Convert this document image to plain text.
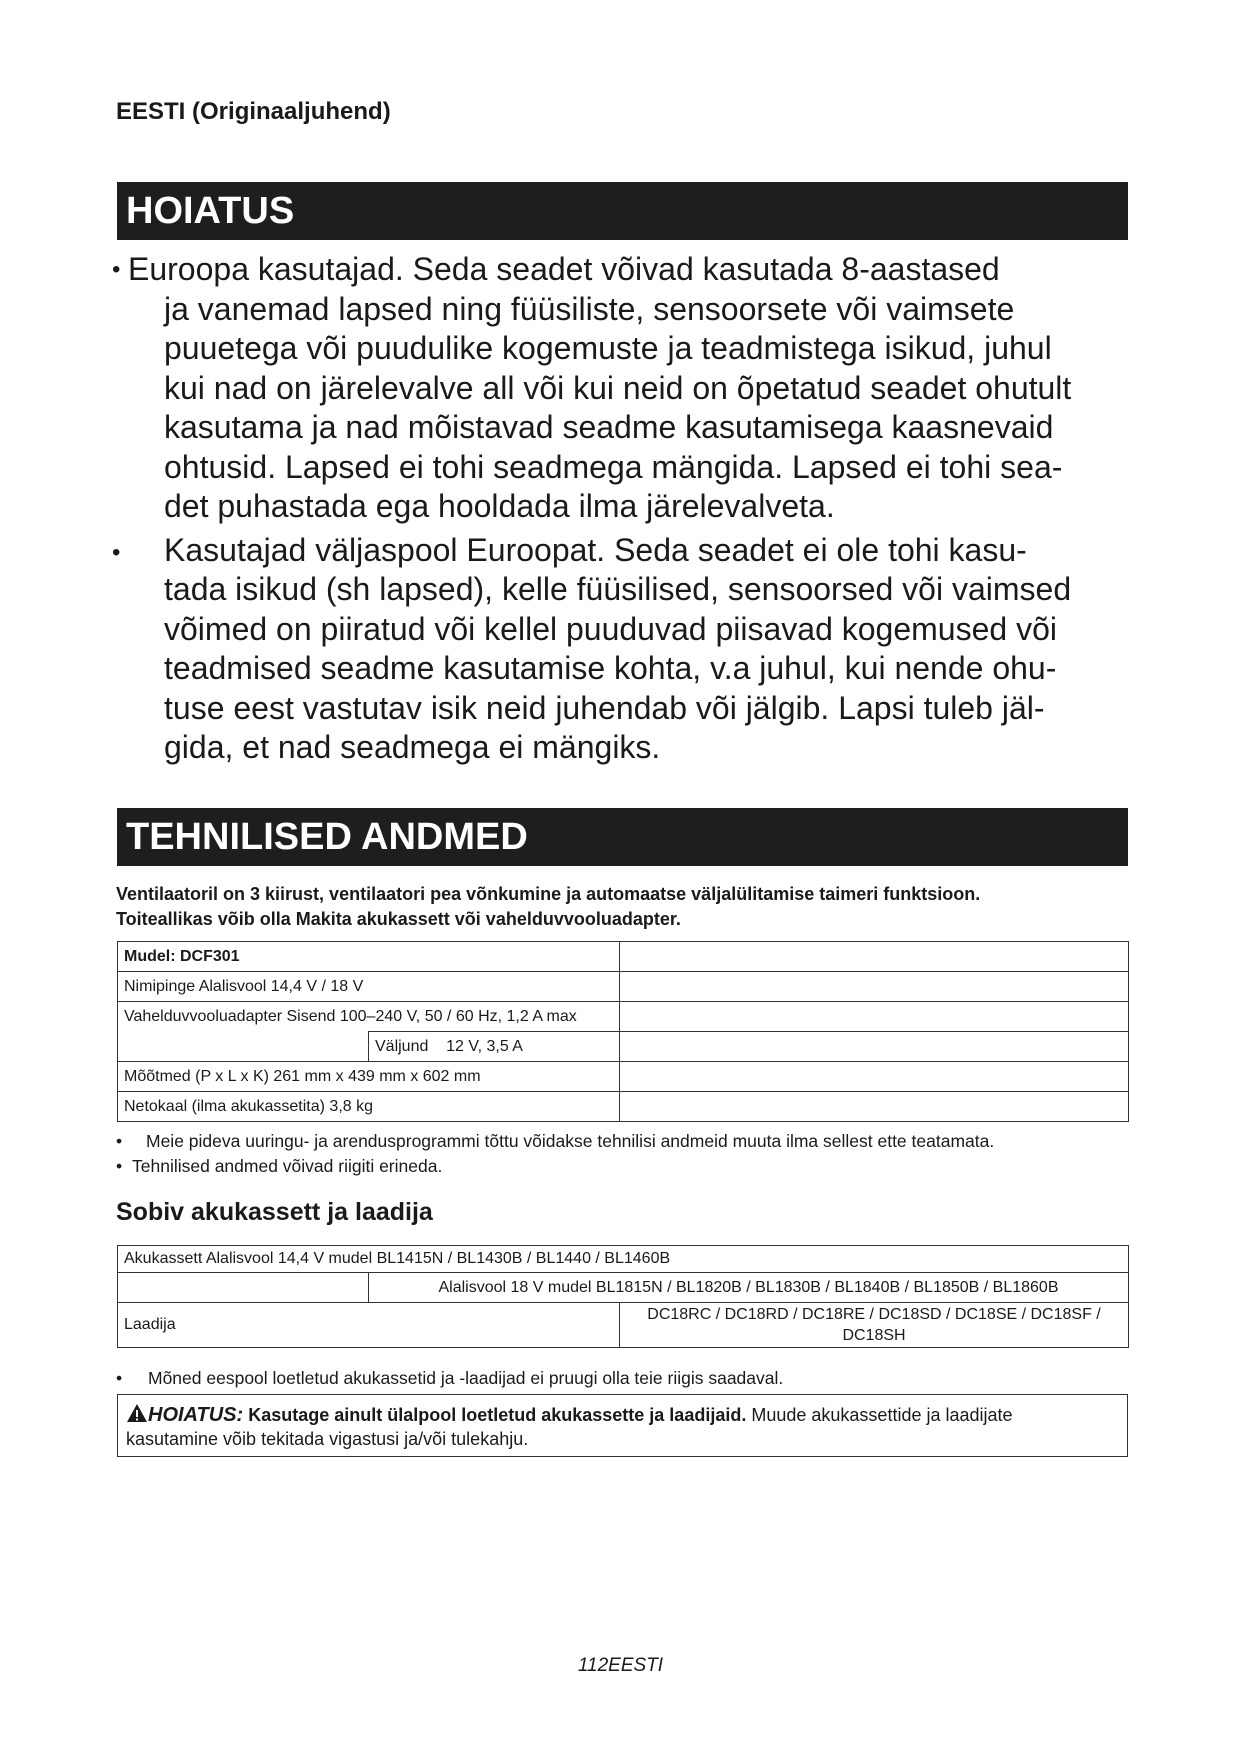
EESTI (Originaaljuhend)
HOIATUS
• Euroopa kasutajad. Seda seadet võivad kasutada 8-aastased
ja vanemad lapsed ning füüsiliste, sensoorsete või vaimsete
puuetega või puudulike kogemuste ja teadmistega isikud, juhul
kui nad on järelevalve all või kui neid on õpetatud seadet ohutult
kasutama ja nad mõistavad seadme kasutamisega kaasnevaid
ohtusid. Lapsed ei tohi seadmega mängida. Lapsed ei tohi sea-
det puhastada ega hooldada ilma järelevalveta.
• Kasutajad väljaspool Euroopat. Seda seadet ei ole tohi kasu-
tada isikud (sh lapsed), kelle füüsilised, sensoorsed või vaimsed
võimed on piiratud või kellel puuduvad piisavad kogemused või
teadmised seadme kasutamise kohta, v.a juhul, kui nende ohu-
tuse eest vastutav isik neid juhendab või jälgib. Lapsi tuleb jäl-
gida, et nad seadmega ei mängiks.
TEHNILISED ANDMED
Ventilaatoril on 3 kiirust, ventilaatori pea võnkumine ja automaatse väljalülitamise taimeri funktsioon.
Toiteallikas võib olla Makita akukassett või vahelduvvooluadapter.
Mudel: DCF301		
Nimipinge Alalisvool 14,4 V / 18 V		
Vahelduvvooluadapter Sisend 100–240 V, 50 / 60 Hz, 1,2 A max		
	Väljund 12 V, 3,5 A	
Mõõtmed (P x L x K) 261 mm x 439 mm x 602 mm		
Netokaal (ilma akukassetita) 3,8 kg		
• Meie pideva uuringu- ja arendusprogrammi tõttu võidakse tehnilisi andmeid muuta ilma sellest ette teatamata.
• Tehnilised andmed võivad riigiti erineda.
Sobiv akukassett ja laadija
Akukassett Alalisvool 14,4 V mudel BL1415N / BL1430B / BL1440 / BL1460B		
	Alalisvool 18 V mudel BL1815N / BL1820B / BL1830B / BL1840B / BL1850B / BL1860B	
Laadija		DC18RC / DC18RD / DC18RE / DC18SD / DC18SE / DC18SF /
DC18SH
• Mõned eespool loetletud akukassetid ja -laadijad ei pruugi olla teie riigis saadaval.
HOIATUS: Kasutage ainult ülalpool loetletud akukassette ja laadijaid. Muude akukassettide ja laadijate
kasutamine võib tekitada vigastusi ja/või tulekahju.
112EESTI
